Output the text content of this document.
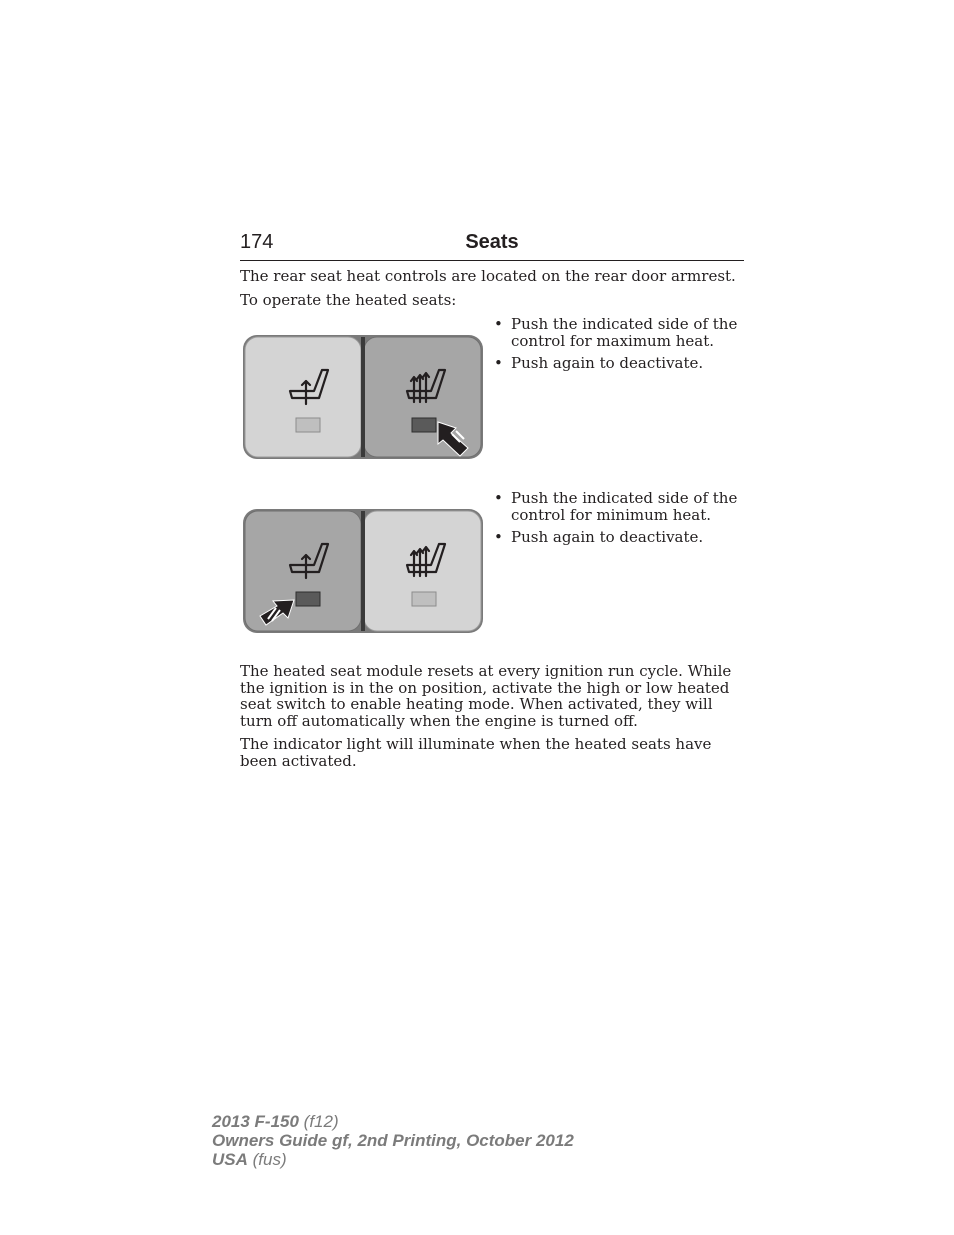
174	Seats

The rear seat heat controls are located on the rear door armrest.

To operate the heated seats:

• Push the indicated side of the control for maximum heat.
• Push again to deactivate.
• Push the indicated side of the control for minimum heat.
• Push again to deactivate.

The heated seat module resets at every ignition run cycle. While the ignition is in the on position, activate the high or low heated seat switch to enable heating mode. When activated, they will turn off automatically when the engine is turned off.

The indicator light will illuminate when the heated seats have been activated.

2013 F-150 (f12)
Owners Guide gf, 2nd Printing, October 2012
USA (fus)
